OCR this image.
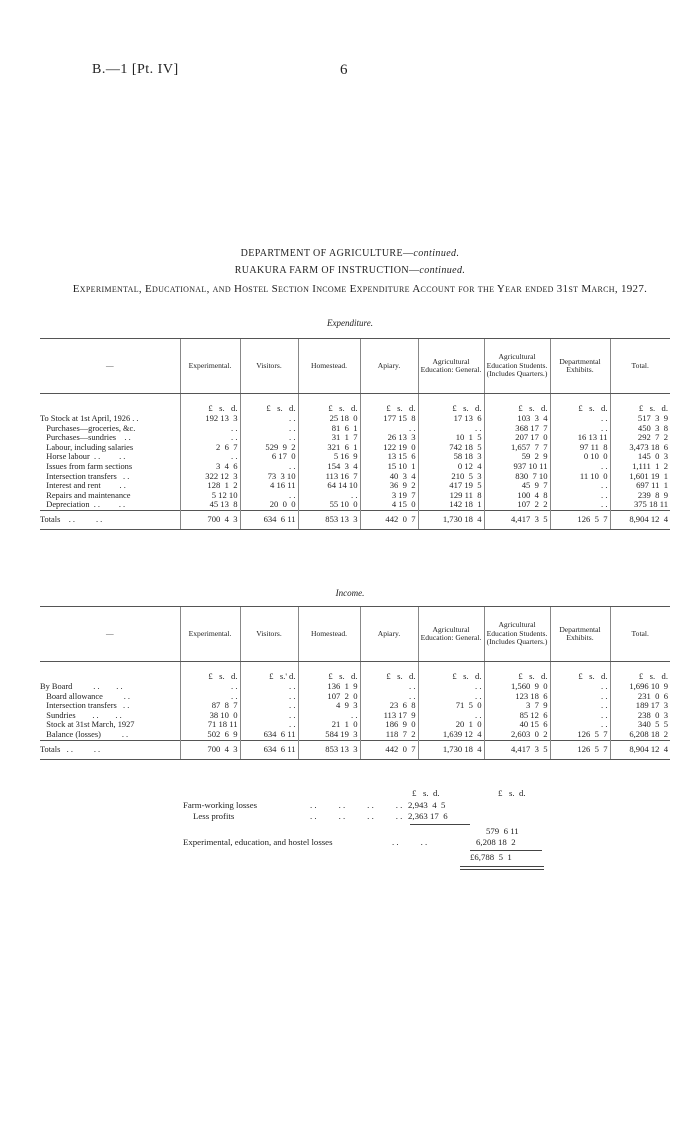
B.—1 [Pt. IV]	6
DEPARTMENT OF AGRICULTURE—continued.
RUAKURA FARM OF INSTRUCTION—continued.
Experimental, Educational, and Hostel Section Income Expenditure Account for the Year ended 31st March, 1927.
Expenditure.
—	Experimental.	Visitors.	Homestead.	Apiary.	Agricultural Education: General.	Agricultural Education Students. (Includes Quarters.)	Departmental Exhibits.	Total.
	£   s.   d.	£   s.   d.	£   s.   d.	£   s.   d.	£   s.   d.	£   s.   d.	£   s.   d.	£   s.   d.
To Stock at 1st April, 1926 . .	192 13  3	. .	25 18  0	177 15  8	17 13  6	103  3  4	. .	517  3  9
Purchases—groceries, &c.	. .	. .	81  6  1	. .	. .	368 17  7	. .	450  3  8
Purchases—sundries    . .	. .	. .	31  1  7	26 13  3	10  1  5	207 17  0	16 13 11	292  7  2
Labour, including salaries	2  6  7	529  9  2	321  6  1	122 19  0	742 18  5	1,657  7  7	97 11  8	3,473 18  6
Horse labour  . .         . .	. .	6 17  0	5 16  9	13 15  6	58 18  3	59  2  9	0 10  0	145  0  3
Issues from farm sections	3  4  6	. .	154  3  4	15 10  1	0 12  4	937 10 11	. .	1,111  1  2
Intersection transfers   . .	322 12  3	73  3 10	113 16  7	40  3  4	210  5  3	830  7 10	11 10  0	1,601 19  1
Interest and rent         . .	128  1  2	4 16 11	64 14 10	36  9  2	417 19  5	45  9  7	. .	697 11  1
Repairs and maintenance	5 12 10	. .	. .	3 19  7	129 11  8	100  4  8	. .	239  8  9
Depreciation  . .         . .	45 13  8	20  0  0	55 10  0	4 15  0	142 18  1	107  2  2	. .	375 18 11
Totals    . .          . .	700  4  3	634  6 11	853 13  3	442  0  7	1,730 18  4	4,417  3  5	126  5  7	8,904 12  4
Income.
—	Experimental.	Visitors.	Homestead.	Apiary.	Agricultural Education: General.	Agricultural Education Students. (Includes Quarters.)	Departmental Exhibits.	Total.
	£   s.   d.	£   s.' d.	£   s.   d.	£   s.   d.	£   s.   d.	£   s.   d.	£   s.   d.	£   s.   d.
By Board          . .        . .	. .	. .	136  1  9	. .	. .	1,560  9  0	. .	1,696 10  9
Board allowance          . .	. .	. .	107  2  0	. .	. .	123 18  6	. .	231  0  6
Intersection transfers   . .	87  8  7	. .	4  9  3	23  6  8	71  5  0	3  7  9	. .	189 17  3
Sundries        . .        . .	38 10  0	. .	. .	113 17  9	. .	85 12  6	. .	238  0  3
Stock at 31st March, 1927	71 18 11	. .	21  1  0	186  9  0	20  1  0	40 15  6	. .	340  5  5
Balance (losses)          . .	502  6  9	634  6 11	584 19  3	118  7  2	1,639 12  4	2,603  0  2	126  5  7	6,208 18  2
Totals   . .          . .	700  4  3	634  6 11	853 13  3	442  0  7	1,730 18  4	4,417  3  5	126  5  7	8,904 12  4
£   s.  d.	£   s.  d.
Farm-working losses	. .          . .          . .          . . 2,943  4  5
Less profits	. .          . .          . .          . . 2,363 17  6
579  6 11
Experimental, education, and hostel losses	. .          . .	6,208 18  2
£6,788  5  1
